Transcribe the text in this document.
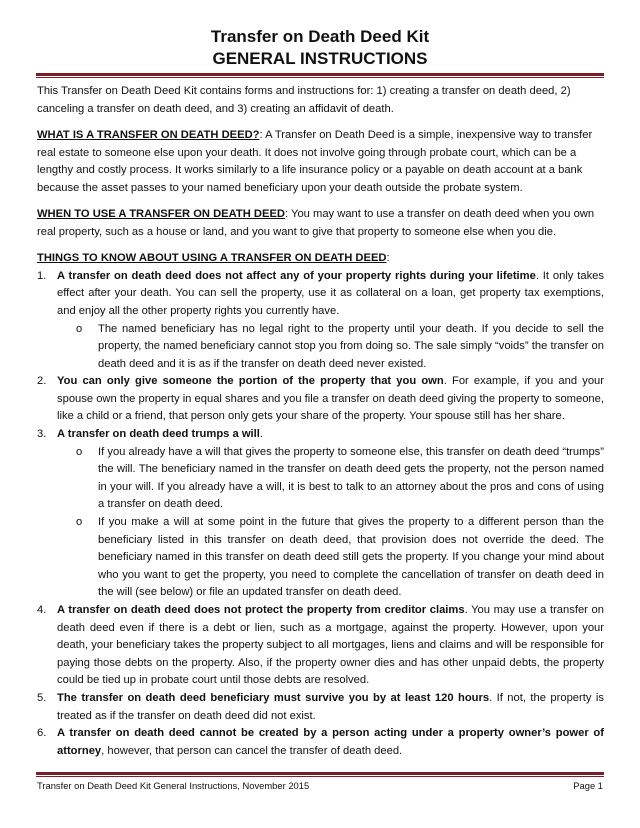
Transfer on Death Deed Kit
GENERAL INSTRUCTIONS

This Transfer on Death Deed Kit contains forms and instructions for: 1) creating a transfer on death deed, 2) canceling a transfer on death deed, and 3) creating an affidavit of death.

WHAT IS A TRANSFER ON DEATH DEED?: A Transfer on Death Deed is a simple, inexpensive way to transfer real estate to someone else upon your death. It does not involve going through probate court, which can be a lengthy and costly process. It works similarly to a life insurance policy or a payable on death account at a bank because the asset passes to your named beneficiary upon your death outside the probate system.

WHEN TO USE A TRANSFER ON DEATH DEED: You may want to use a transfer on death deed when you own real property, such as a house or land, and you want to give that property to someone else when you die.

THINGS TO KNOW ABOUT USING A TRANSFER ON DEATH DEED:
1. A transfer on death deed does not affect any of your property rights during your lifetime. It only takes effect after your death. You can sell the property, use it as collateral on a loan, get property tax exemptions, and enjoy all the other property rights you currently have.
o The named beneficiary has no legal right to the property until your death. If you decide to sell the property, the named beneficiary cannot stop you from doing so. The sale simply “voids” the transfer on death deed and it is as if the transfer on death deed never existed.
2. You can only give someone the portion of the property that you own. For example, if you and your spouse own the property in equal shares and you file a transfer on death deed giving the property to someone, like a child or a friend, that person only gets your share of the property. Your spouse still has her share.
3. A transfer on death deed trumps a will.
o If you already have a will that gives the property to someone else, this transfer on death deed “trumps” the will. The beneficiary named in the transfer on death deed gets the property, not the person named in your will. If you already have a will, it is best to talk to an attorney about the pros and cons of using a transfer on death deed.
o If you make a will at some point in the future that gives the property to a different person than the beneficiary listed in this transfer on death deed, that provision does not override the deed. The beneficiary named in this transfer on death deed still gets the property. If you change your mind about who you want to get the property, you need to complete the cancellation of transfer on death deed in the will (see below) or file an updated transfer on death deed.
4. A transfer on death deed does not protect the property from creditor claims. You may use a transfer on death deed even if there is a debt or lien, such as a mortgage, against the property. However, upon your death, your beneficiary takes the property subject to all mortgages, liens and claims and will be responsible for paying those debts on the property. Also, if the property owner dies and has other unpaid debts, the property could be tied up in probate court until those debts are resolved.
5. The transfer on death deed beneficiary must survive you by at least 120 hours. If not, the property is treated as if the transfer on death deed did not exist.
6. A transfer on death deed cannot be created by a person acting under a property owner’s power of attorney, however, that person can cancel the transfer of death deed.
Transfer on Death Deed Kit General Instructions, November 2015	Page 1
